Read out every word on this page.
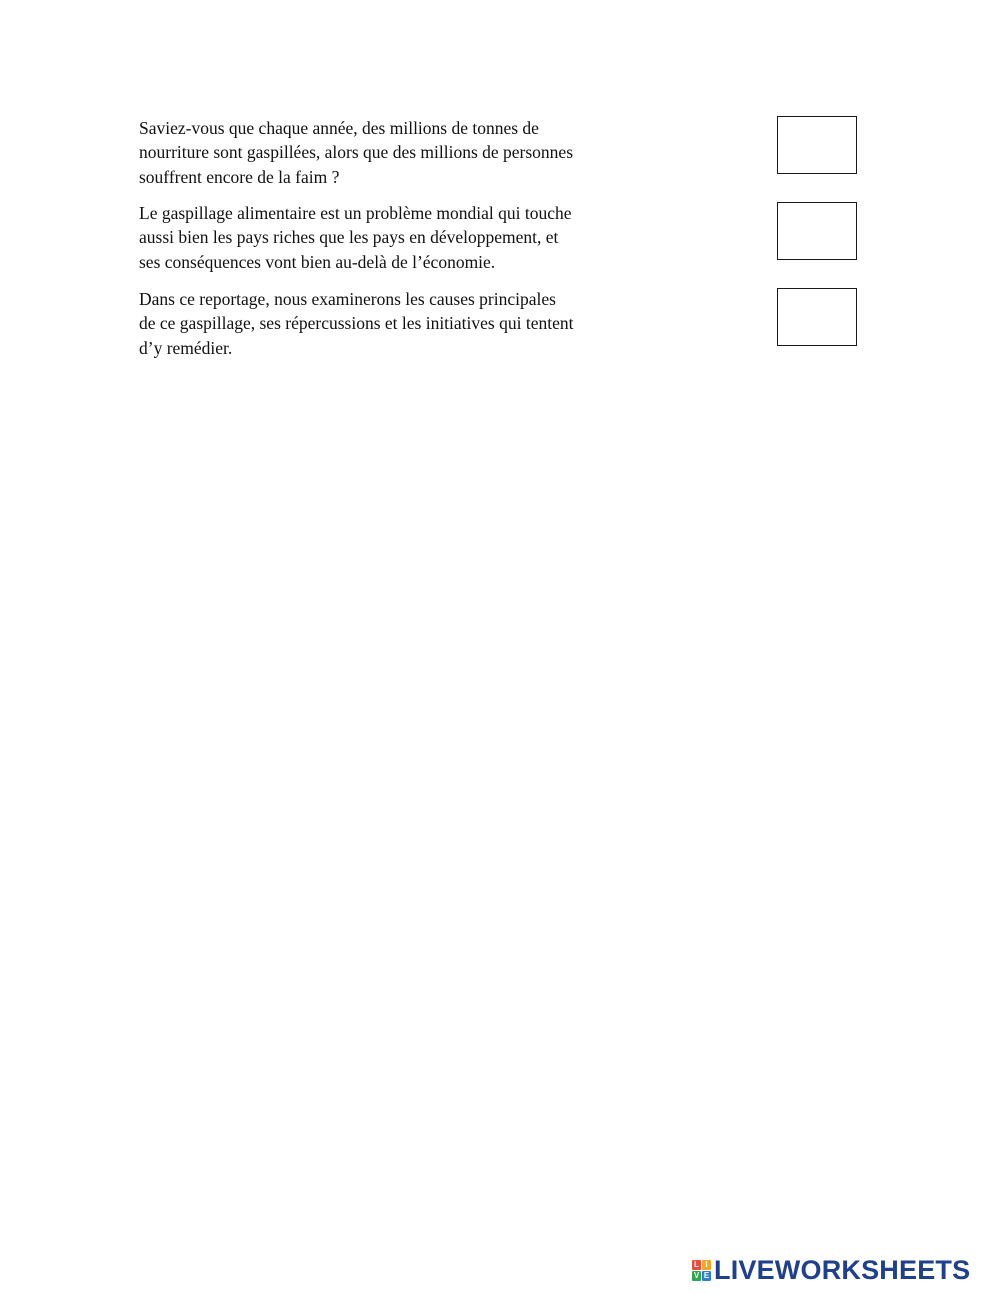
Saviez-vous que chaque année, des millions de tonnes de
nourriture sont gaspillées, alors que des millions de personnes
souffrent encore de la faim ?

Le gaspillage alimentaire est un problème mondial qui touche
aussi bien les pays riches que les pays en développement, et
ses conséquences vont bien au-delà de l’économie.

Dans ce reportage, nous examinerons les causes principales
de ce gaspillage, ses répercussions et les initiatives qui tentent
d’y remédier.

L I
V E LIVEWORKSHEETS
